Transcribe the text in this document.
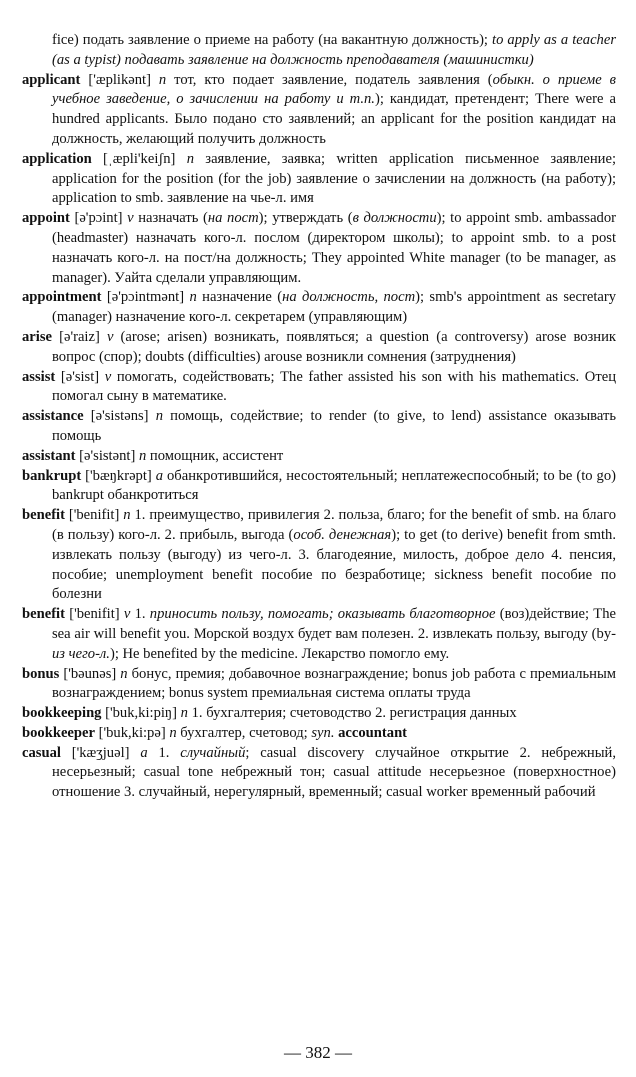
fice) подать заявление о приеме на работу (на вакантную должность); to apply as a teacher (as a typist) подавать заявление на должность преподавателя (машинистки)

applicant ['æplikənt] n тот, кто подает заявление, податель заявления (обыкн. о приеме в учебное заведение, о зачислении на работу и т.п.); кандидат, претендент; There were a hundred applicants. Было подано сто заявлений; an applicant for the position кандидат на должность, желающий получить должность

application [ˌæpli'keiʃn] n заявление, заявка; written application письменное заявление; application for the position (for the job) заявление о зачислении на должность (на работу); application to smb. заявление на чье-л. имя

appoint [ə'pɔint] v назначать (на пост); утверждать (в должности); to appoint smb. ambassador (headmaster) назначать кого-л. послом (директором школы); to appoint smb. to a post назначать кого-л. на пост/на должность; They appointed White manager (to be manager, as manager). Уайта сделали управляющим.

appointment [ə'pɔintmənt] n назначение (на должность, пост); smb's appointment as secretary (manager) назначение кого-л. секретарем (управляющим)

arise [ə'raiz] v (arose; arisen) возникать, появляться; a question (a controversy) arose возник вопрос (спор); doubts (difficulties) arouse возникли сомнения (затруднения)

assist [ə'sist] v помогать, содействовать; The father assisted his son with his mathematics. Отец помогал сыну в математике.

assistance [ə'sistəns] n помощь, содействие; to render (to give, to lend) assistance оказывать помощь

assistant [ə'sistənt] n помощник, ассистент

bankrupt ['bæŋkrəpt] a обанкротившийся, несостоятельный; неплатежеспособный; to be (to go) bankrupt обанкротиться

benefit ['benifit] n 1. преимущество, привилегия 2. польза, благо; for the benefit of smb. на благо (в пользу) кого-л. 2. прибыль, выгода (особ. денежная); to get (to derive) benefit from smth. извлекать пользу (выгоду) из чего-л. 3. благодеяние, милость, доброе дело 4. пенсия, пособие; unemployment benefit пособие по безработице; sickness benefit пособие по болезни

benefit ['benifit] v 1. приносить пользу, помогать; оказывать благотворное (воз)действие; The sea air will benefit you. Морской воздух будет вам полезен. 2. извлекать пользу, выгоду (by- из чего-л.); He benefited by the medicine. Лекарство помогло ему.

bonus ['bəunəs] n бонус, премия; добавочное вознаграждение; bonus job работа с премиальным вознаграждением; bonus system премиальная система оплаты труда

bookkeeping ['buk,ki:piŋ] n 1. бухгалтерия; счетоводство 2. регистрация данных

bookkeeper ['buk,ki:pə] n бухгалтер, счетовод; syn. accountant

casual ['kæʒjuəl] a 1. случайный; casual discovery случайное открытие 2. небрежный, несерьезный; casual tone небрежный тон; casual attitude несерьезное (поверхностное) отношение 3. случайный, нерегулярный, временный; casual worker временный рабочий

— 382 —
